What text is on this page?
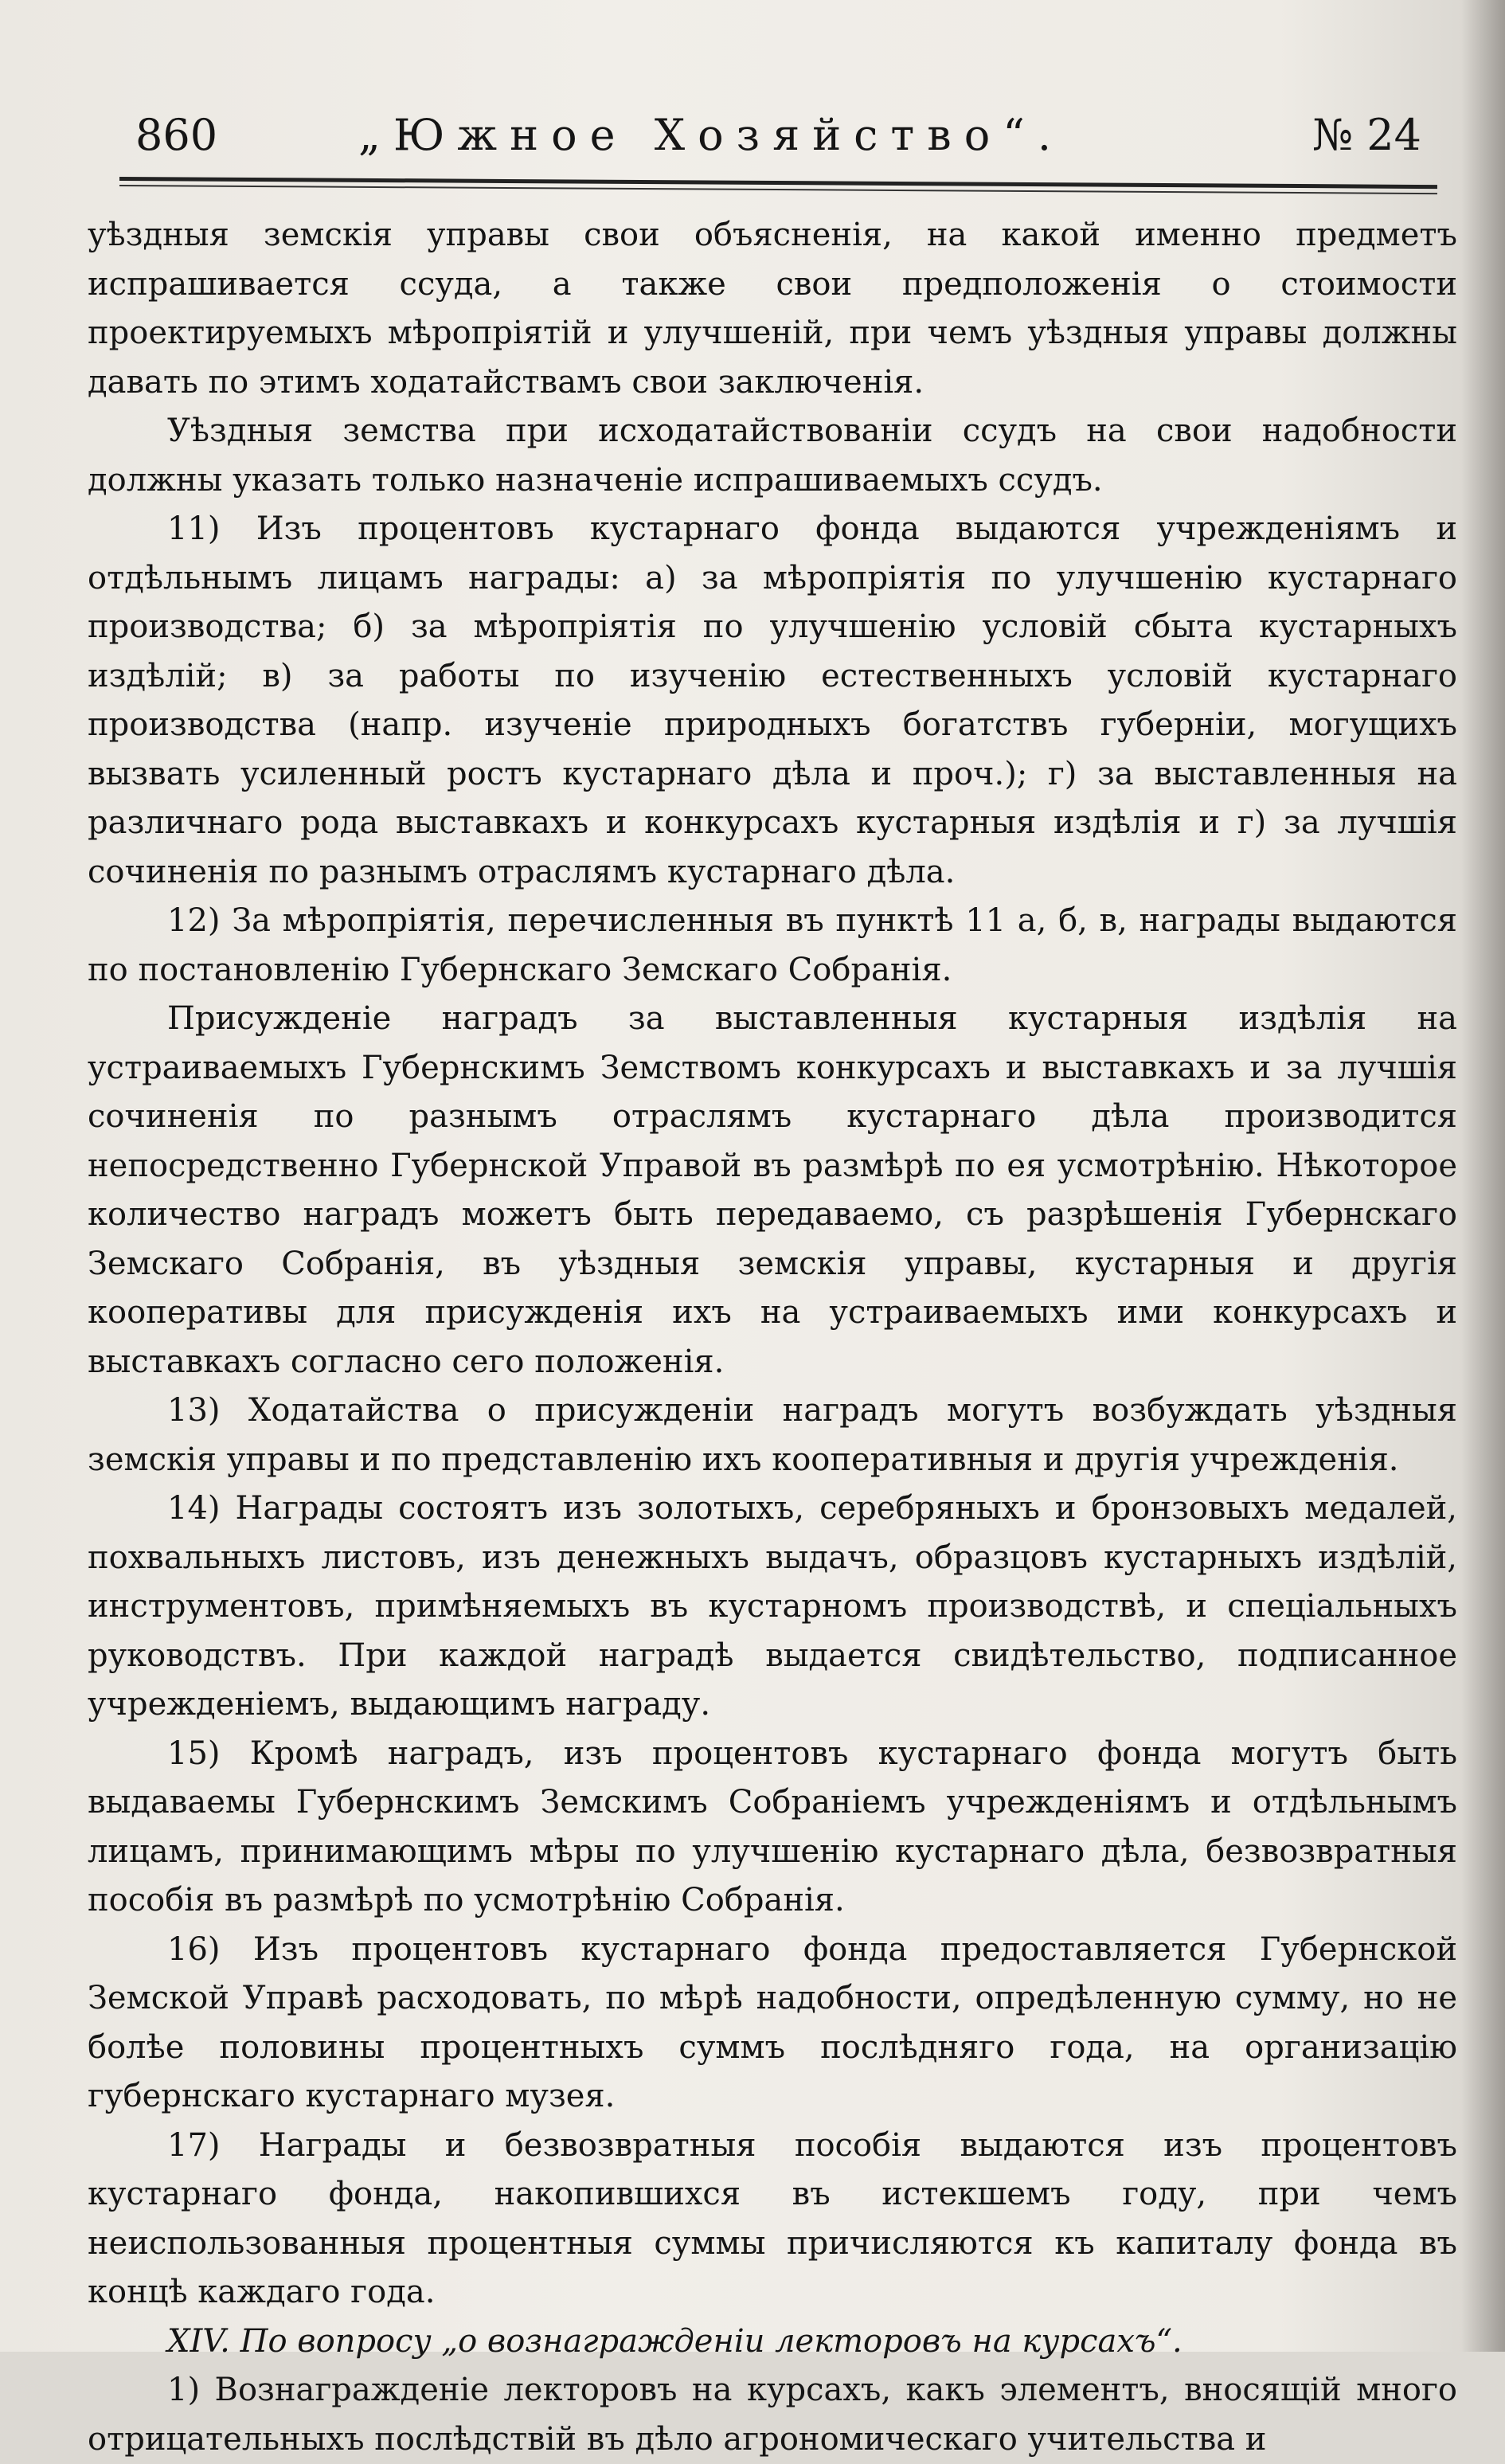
860	„Южное Хозяйство“.	№ 24

уѣздныя земскія управы свои объясненія, на какой именно предметъ испрашивается ссуда, а также свои предположенія о стоимости проектируемыхъ мѣропріятій и улучшеній, при чемъ уѣздныя управы должны давать по этимъ ходатайствамъ свои заключенія.

Уѣздныя земства при исходатайствованіи ссудъ на свои надобности должны указать только назначеніе испрашиваемыхъ ссудъ.

11) Изъ процентовъ кустарнаго фонда выдаются учрежденіямъ и отдѣльнымъ лицамъ награды: а) за мѣропріятія по улучшенію кустарнаго производства; б) за мѣропріятія по улучшенію условій сбыта кустарныхъ издѣлій; в) за работы по изученію естественныхъ условій кустарнаго производства (напр. изученіе природныхъ богатствъ губерніи, могущихъ вызвать усиленный ростъ кустарнаго дѣла и проч.); г) за выставленныя на различнаго рода выставкахъ и конкурсахъ кустарныя издѣлія и г) за лучшія сочиненія по разнымъ отраслямъ кустарнаго дѣла.

12) За мѣропріятія, перечисленныя въ пунктѣ 11 а, б, в, награды выдаются по постановленію Губернскаго Земскаго Собранія.

Присужденіе наградъ за выставленныя кустарныя издѣлія на устраиваемыхъ Губернскимъ Земствомъ конкурсахъ и выставкахъ и за лучшія сочиненія по разнымъ отраслямъ кустарнаго дѣла производится непосредственно Губернской Управой въ размѣрѣ по ея усмотрѣнію. Нѣкоторое количество наградъ можетъ быть передаваемо, съ разрѣшенія Губернскаго Земскаго Собранія, въ уѣздныя земскія управы, кустарныя и другія кооперативы для присужденія ихъ на устраиваемыхъ ими конкурсахъ и выставкахъ согласно сего положенія.

13) Ходатайства о присужденіи наградъ могутъ возбуждать уѣздныя земскія управы и по представленію ихъ кооперативныя и другія учрежденія.

14) Награды состоятъ изъ золотыхъ, серебряныхъ и бронзовыхъ медалей, похвальныхъ листовъ, изъ денежныхъ выдачъ, образцовъ кустарныхъ издѣлій, инструментовъ, примѣняемыхъ въ кустарномъ производствѣ, и спеціальныхъ руководствъ. При каждой наградѣ выдается свидѣтельство, подписанное учрежденіемъ, выдающимъ награду.

15) Кромѣ наградъ, изъ процентовъ кустарнаго фонда могутъ быть выдаваемы Губернскимъ Земскимъ Собраніемъ учрежденіямъ и отдѣльнымъ лицамъ, принимающимъ мѣры по улучшенію кустарнаго дѣла, безвозвратныя пособія въ размѣрѣ по усмотрѣнію Собранія.

16) Изъ процентовъ кустарнаго фонда предоставляется Губернской Земской Управѣ расходовать, по мѣрѣ надобности, опредѣленную сумму, но не болѣе половины процентныхъ суммъ послѣдняго года, на организацію губернскаго кустарнаго музея.

17) Награды и безвозвратныя пособія выдаются изъ процентовъ кустарнаго фонда, накопившихся въ истекшемъ году, при чемъ неиспользованныя процентныя суммы причисляются къ капиталу фонда въ концѣ каждаго года.

XIV. По вопросу „о вознагражденіи лекторовъ на курсахъ“.

1) Вознагражденіе лекторовъ на курсахъ, какъ элементъ, вносящій много отрицательныхъ послѣдствій въ дѣло агрономическаго учительства и
